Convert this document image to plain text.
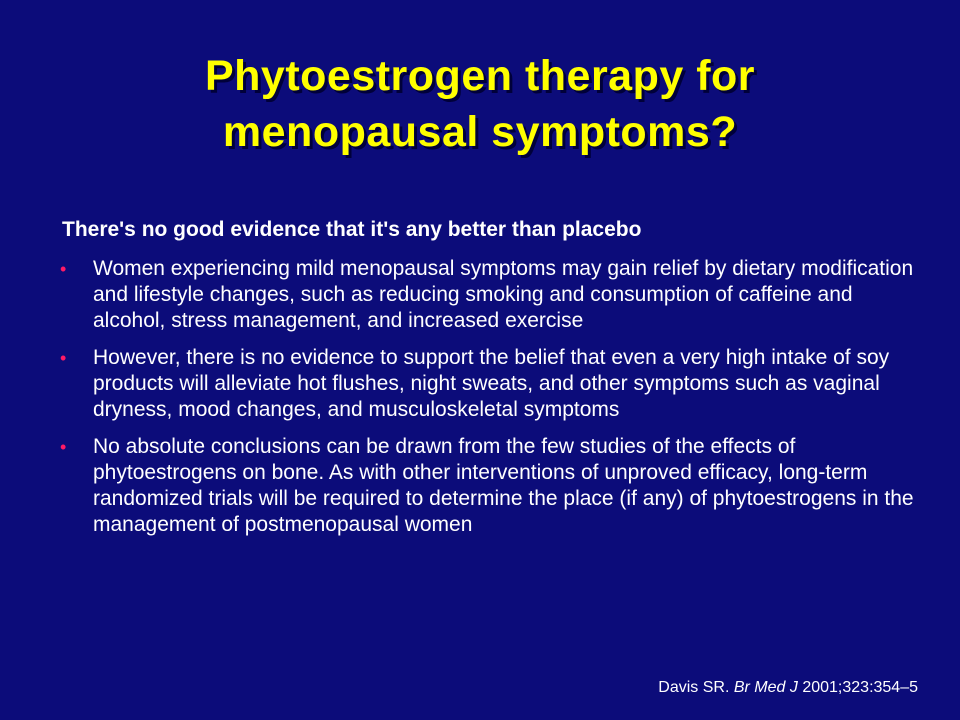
Phytoestrogen therapy for
menopausal symptoms?

There's no good evidence that it's any better than placebo

• Women experiencing mild menopausal symptoms may gain relief by dietary modification and lifestyle changes, such as reducing smoking and consumption of caffeine and alcohol, stress management, and increased exercise
• However, there is no evidence to support the belief that even a very high intake of soy products will alleviate hot flushes, night sweats, and other symptoms such as vaginal dryness, mood changes, and musculoskeletal symptoms
• No absolute conclusions can be drawn from the few studies of the effects of phytoestrogens on bone. As with other interventions of unproved efficacy, long-term randomized trials will be required to determine the place (if any) of phytoestrogens in the management of postmenopausal women
Davis SR. Br Med J 2001;323:354–5
